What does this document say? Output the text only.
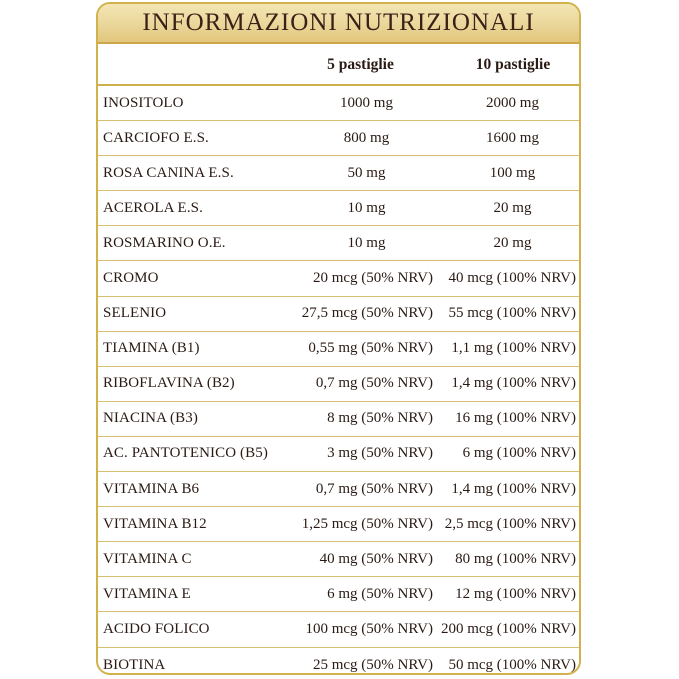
INFORMAZIONI NUTRIZIONALI
5 pastiglie	10 pastiglie
INOSITOLO	1000 mg	2000 mg
CARCIOFO E.S.	800 mg	1600 mg
ROSA CANINA E.S.	50 mg	100 mg
ACEROLA E.S.	10 mg	20 mg
ROSMARINO O.E.	10 mg	20 mg
CROMO	20 mcg (50% NRV)	40 mcg (100% NRV)
SELENIO	27,5 mcg (50% NRV)	55 mcg (100% NRV)
TIAMINA (B1)	0,55 mg (50% NRV)	1,1 mg (100% NRV)
RIBOFLAVINA (B2)	0,7 mg (50% NRV)	1,4 mg (100% NRV)
NIACINA (B3)	8 mg (50% NRV)	16 mg (100% NRV)
AC. PANTOTENICO (B5)	3 mg (50% NRV)	6 mg (100% NRV)
VITAMINA B6	0,7 mg (50% NRV)	1,4 mg (100% NRV)
VITAMINA B12	1,25 mcg (50% NRV) 2,5 mcg (100% NRV)
VITAMINA C	40 mg (50% NRV)	80 mg (100% NRV)
VITAMINA E	6 mg (50% NRV)	12 mg (100% NRV)
ACIDO FOLICO	100 mcg (50% NRV) 200 mcg (100% NRV)
BIOTINA	25 mcg (50% NRV)	50 mcg (100% NRV)
